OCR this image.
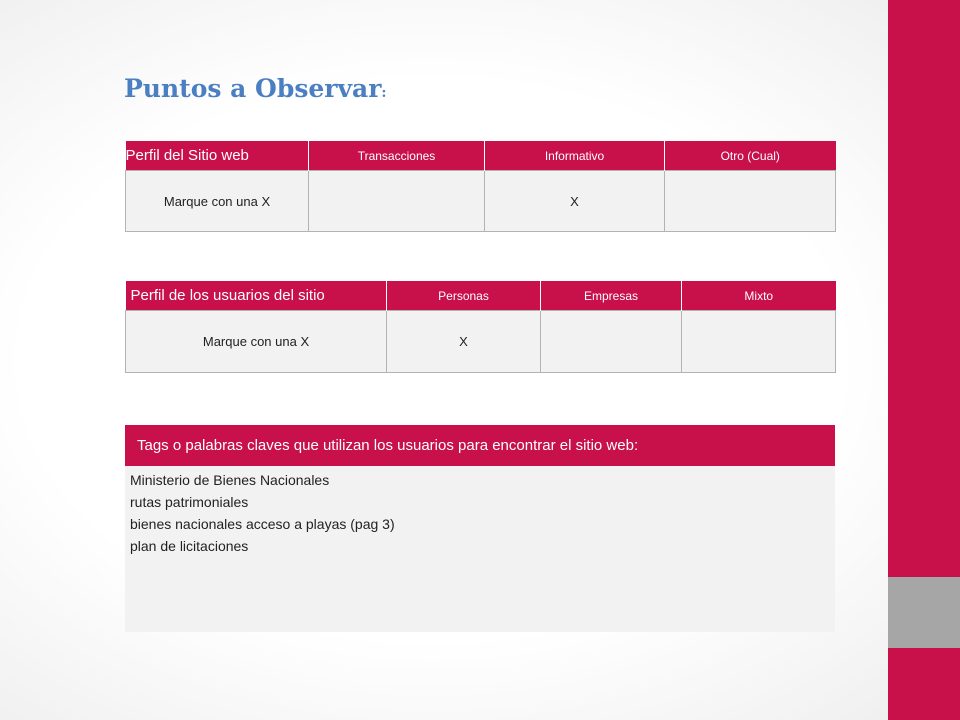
Puntos a Observar:
Perfil del Sitio web	Transacciones	Informativo	Otro (Cual)
Marque con una X		X	
Perfil de los usuarios del sitio	Personas	Empresas	Mixto
Marque con una X	X		
Tags o palabras claves que utilizan los usuarios para encontrar el sitio web:
Ministerio de Bienes Nacionales
rutas patrimoniales
bienes nacionales acceso a playas (pag 3)
plan de licitaciones
